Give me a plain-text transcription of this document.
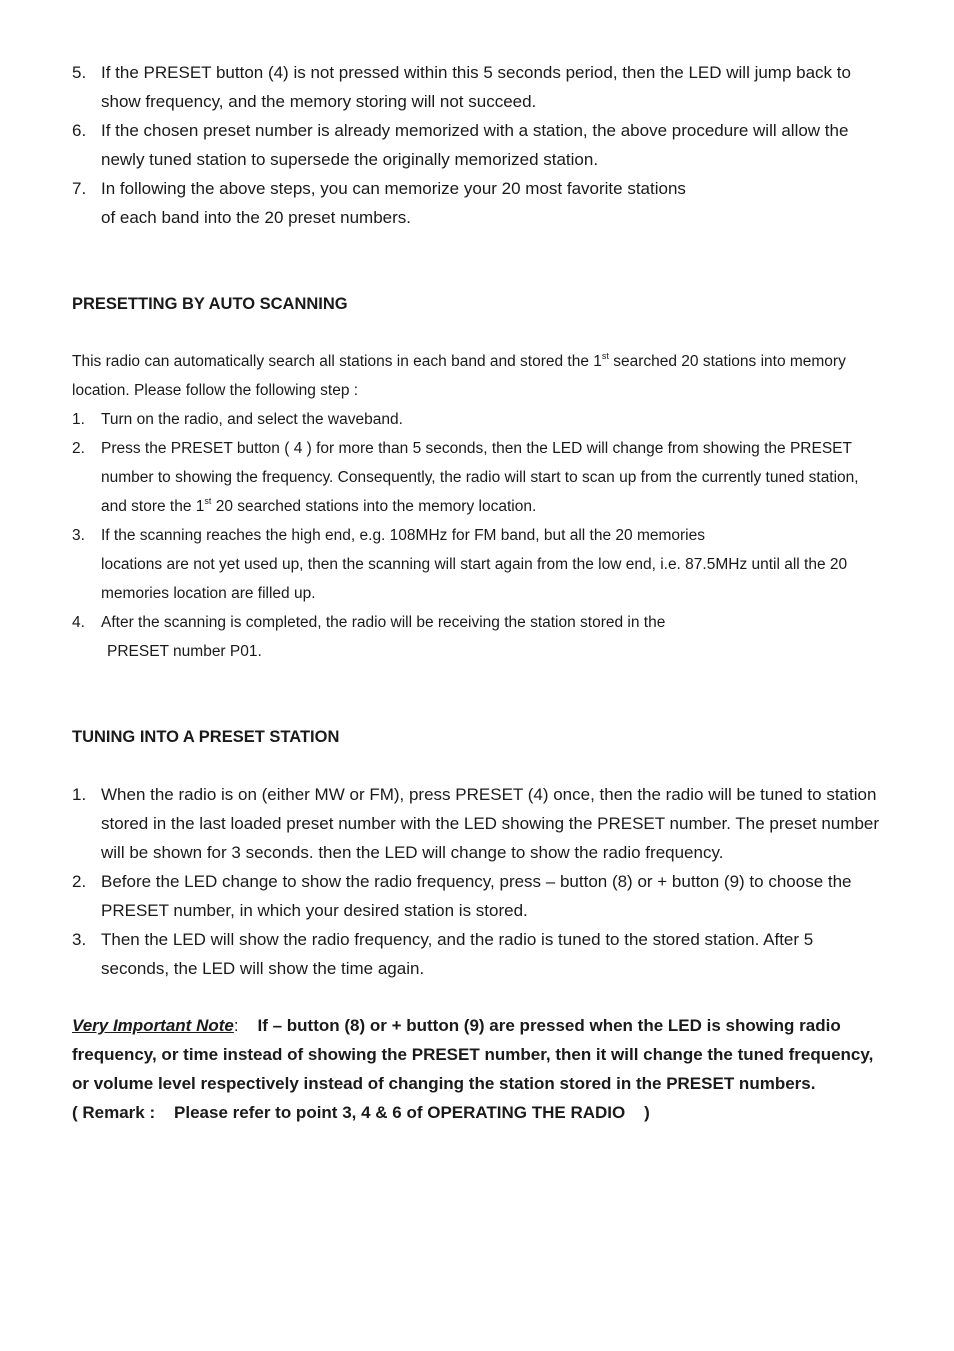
5. If the PRESET button (4) is not pressed within this 5 seconds period, then the LED will jump back to show frequency, and the memory storing will not succeed.
6. If the chosen preset number is already memorized with a station, the above procedure will allow the newly tuned station to supersede the originally memorized station.
7. In following the above steps, you can memorize your 20 most favorite stations
of each band into the 20 preset numbers.
PRESETTING BY AUTO SCANNING

This radio can automatically search all stations in each band and stored the 1st searched 20 stations into memory location. Please follow the following step :

1. Turn on the radio, and select the waveband.
2. Press the PRESET button ( 4 ) for more than 5 seconds, then the LED will change from showing the PRESET number to showing the frequency. Consequently, the radio will start to scan up from the currently tuned station, and store the 1st 20 searched stations into the memory location.
3. If the scanning reaches the high end, e.g. 108MHz for FM band, but all the 20 memories
locations are not yet used up, then the scanning will start again from the low end, i.e. 87.5MHz until all the 20 memories location are filled up.
4. After the scanning is completed, the radio will be receiving the station stored in the
PRESET number P01.
TUNING INTO A PRESET STATION
1. When the radio is on (either MW or FM), press PRESET (4) once, then the radio will be tuned to station stored in the last loaded preset number with the LED showing the PRESET number. The preset number will be shown for 3 seconds. then the LED will change to show the radio frequency.
2. Before the LED change to show the radio frequency, press – button (8) or + button (9) to choose the PRESET number, in which your desired station is stored.
3. Then the LED will show the radio frequency, and the radio is tuned to the stored station. After 5 seconds, the LED will show the time again.

Very Important Note: If – button (8) or + button (9) are pressed when the LED is showing radio frequency, or time instead of showing the PRESET number, then it will change the tuned frequency, or volume level respectively instead of changing the station stored in the PRESET numbers.

( Remark :    Please refer to point 3, 4 & 6 of OPERATING THE RADIO    )
